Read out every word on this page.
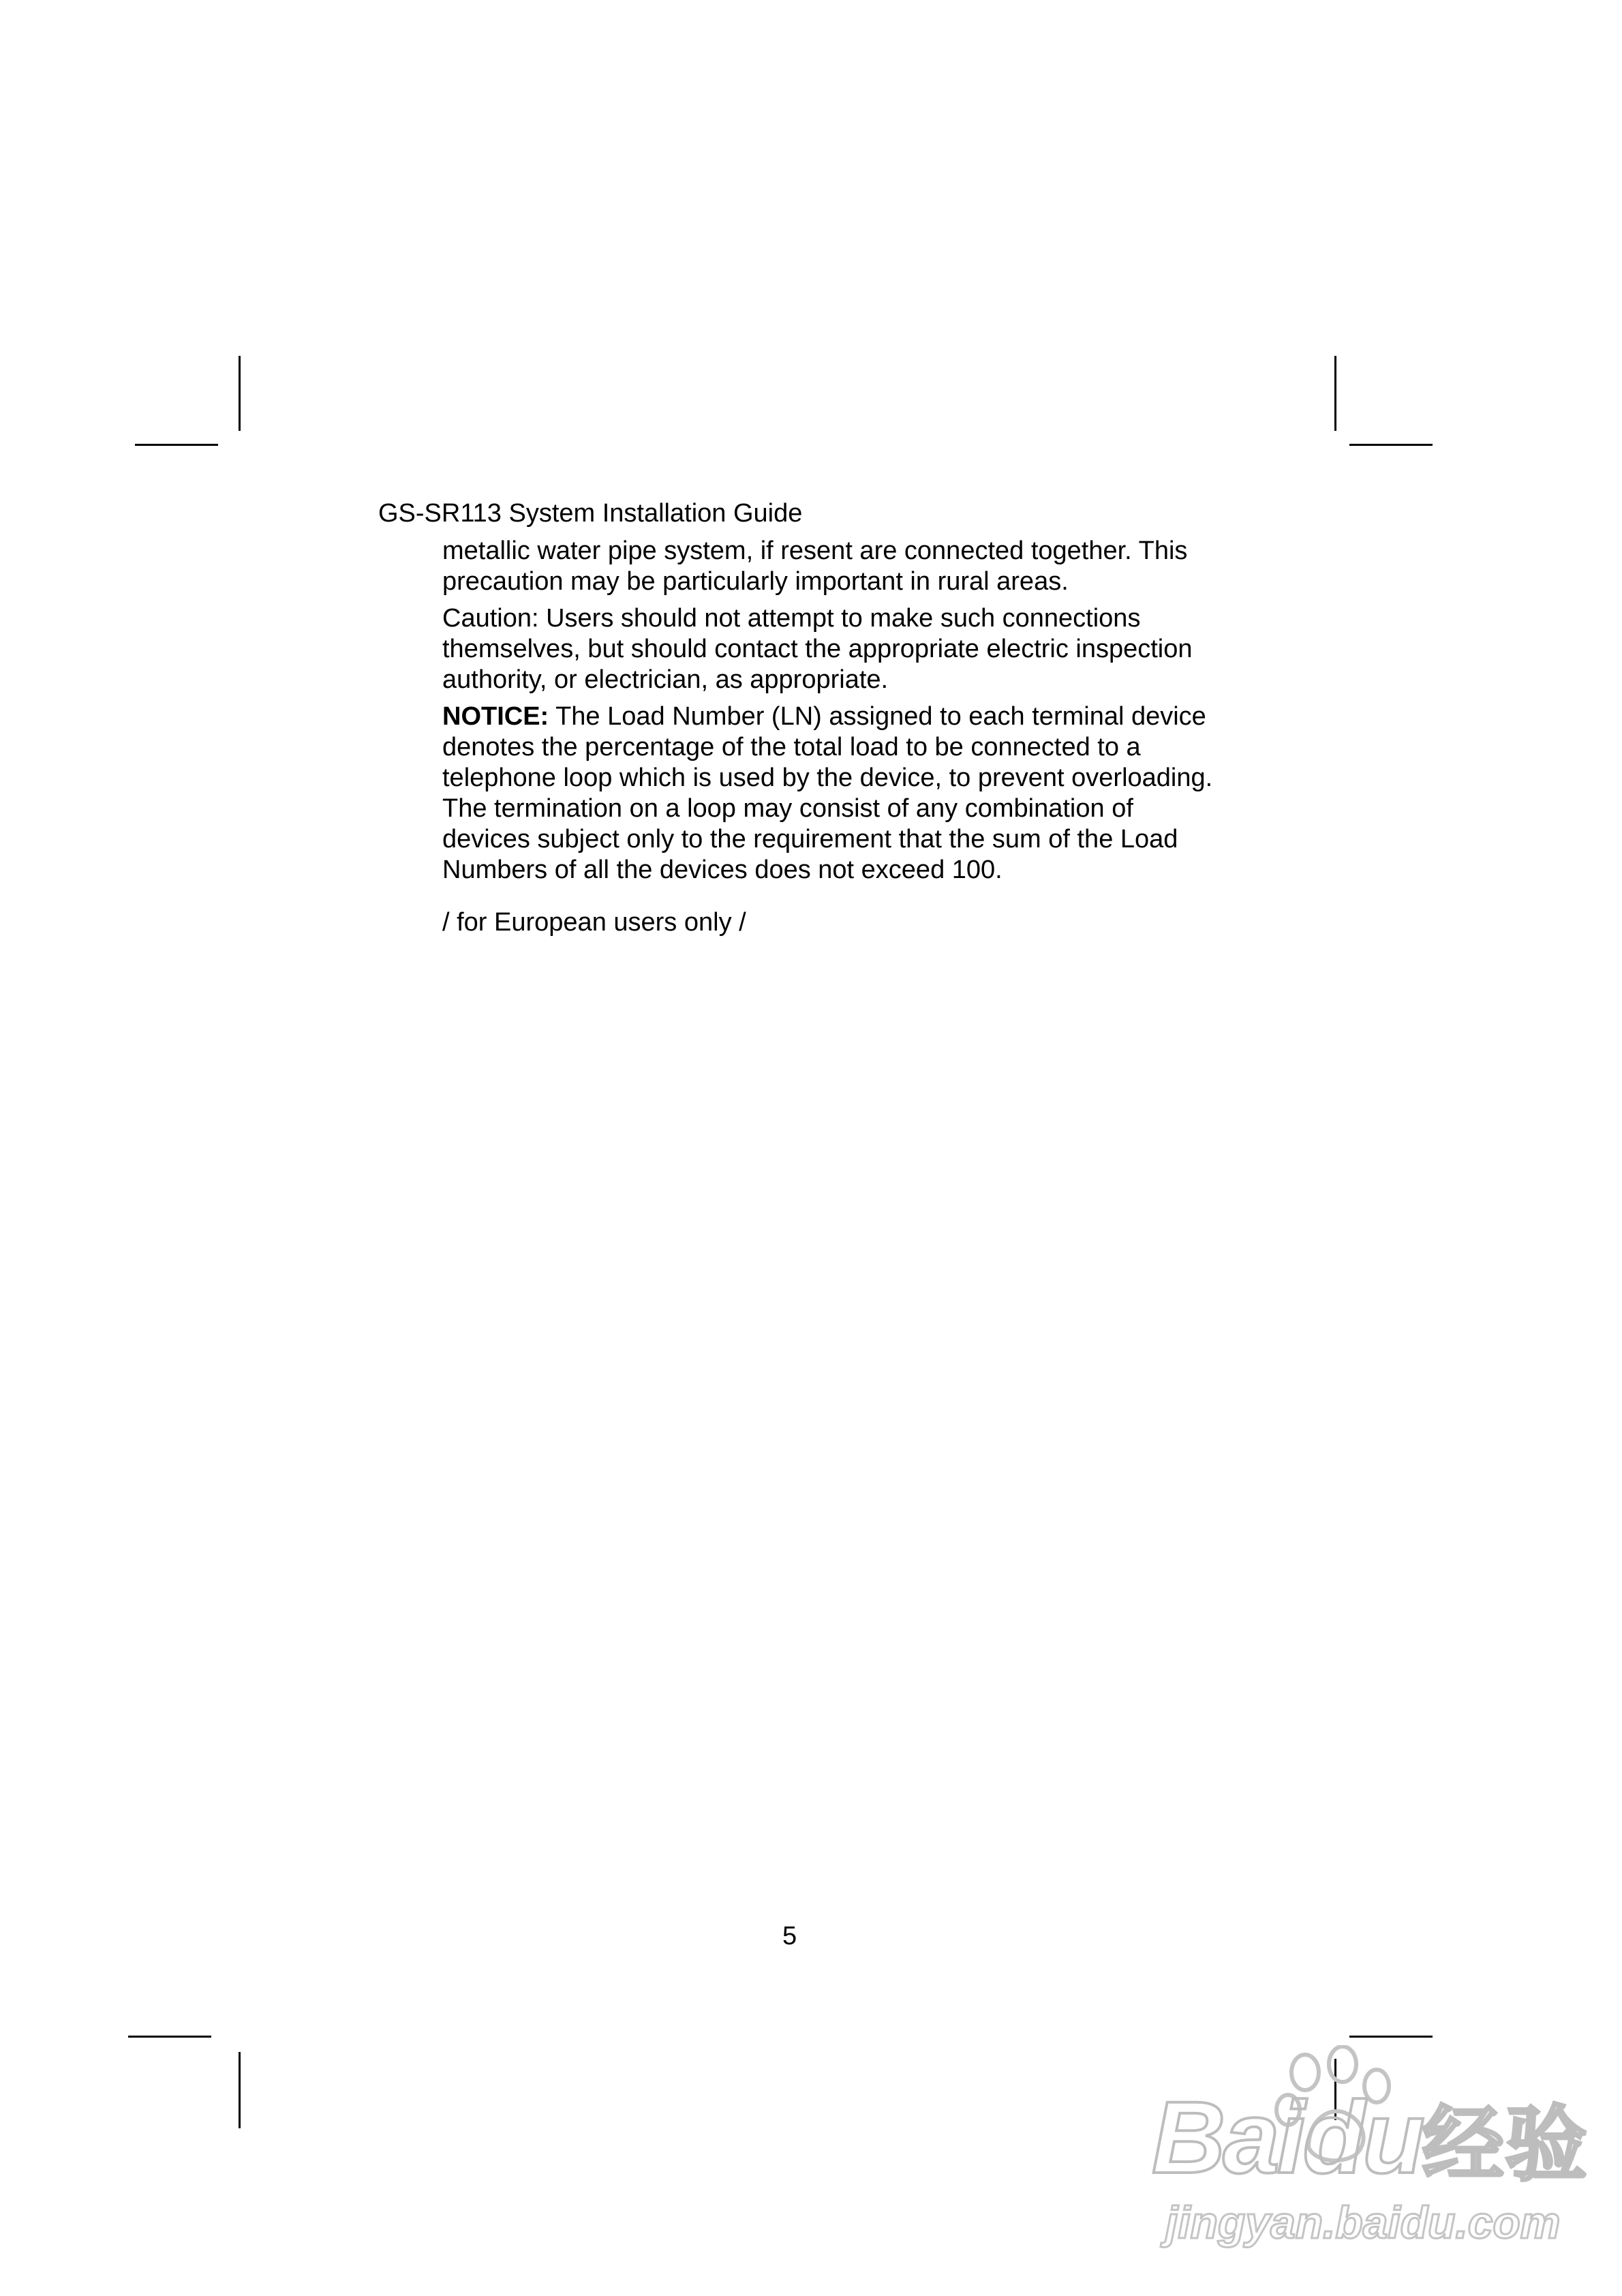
GS-SR113 System Installation Guide
metallic water pipe system, if resent are connected together. This
precaution may be particularly important in rural areas.
Caution: Users should not attempt to make such connections
themselves, but should contact the appropriate electric inspection
authority, or electrician, as appropriate.
NOTICE: The Load Number (LN) assigned to each terminal device
denotes the percentage of the total load to be connected to a
telephone loop which is used by the device, to prevent overloading.
The termination on a loop may consist of any combination of
devices subject only to the requirement that the sum of the Load
Numbers of all the devices does not exceed 100.
/ for European users only /
5
Baidu经验
jingyan.baidu.com
